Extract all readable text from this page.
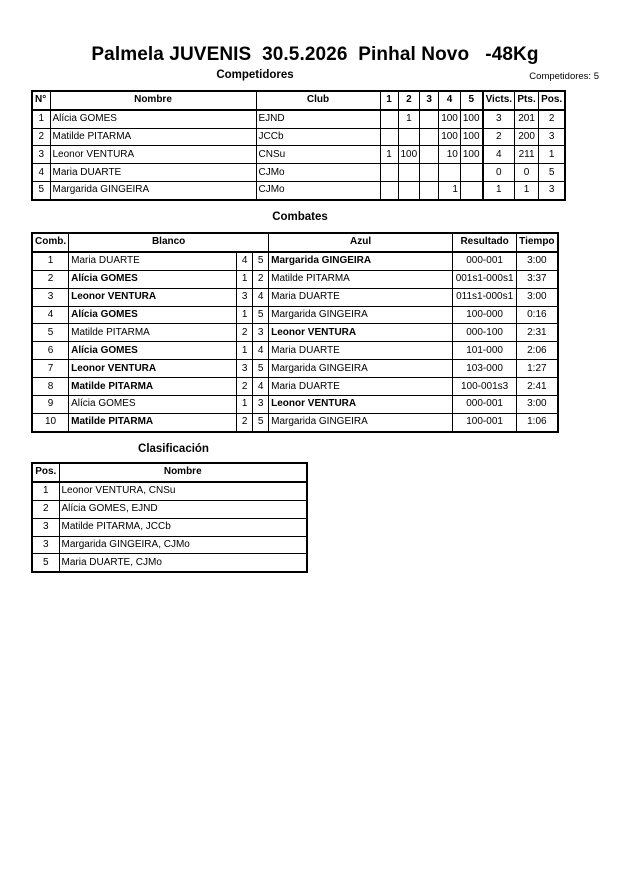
Palmela JUVENIS  30.5.2026  Pinhal Novo   -48Kg
Competidores	Competidores: 5
N°	Nombre	Club	1	2	3	4	5	Victs.	Pts.	Pos.
1	Alícia GOMES	EJND		1		100	100	3	201	2
2	Matilde PITARMA	JCCb				100	100	2	200	3
3	Leonor VENTURA	CNSu	1	100		10	100	4	211	1
4	Maria DUARTE	CJMo						0	0	5
5	Margarida GINGEIRA	CJMo				1		1	1	3
Combates
Comb.	Blanco			Azul	Resultado	Tiempo
1	Maria DUARTE	4	5	Margarida GINGEIRA	000-001	3:00
2	Alícia GOMES	1	2	Matilde PITARMA	001s1-000s1	3:37
3	Leonor VENTURA	3	4	Maria DUARTE	011s1-000s1	3:00
4	Alícia GOMES	1	5	Margarida GINGEIRA	100-000	0:16
5	Matilde PITARMA	2	3	Leonor VENTURA	000-100	2:31
6	Alícia GOMES	1	4	Maria DUARTE	101-000	2:06
7	Leonor VENTURA	3	5	Margarida GINGEIRA	103-000	1:27
8	Matilde PITARMA	2	4	Maria DUARTE	100-001s3	2:41
9	Alícia GOMES	1	3	Leonor VENTURA	000-001	3:00
10	Matilde PITARMA	2	5	Margarida GINGEIRA	100-001	1:06
Clasificación
Pos.	Nombre
1	Leonor VENTURA, CNSu
2	Alícia GOMES, EJND
3	Matilde PITARMA, JCCb
3	Margarida GINGEIRA, CJMo
5	Maria DUARTE, CJMo
